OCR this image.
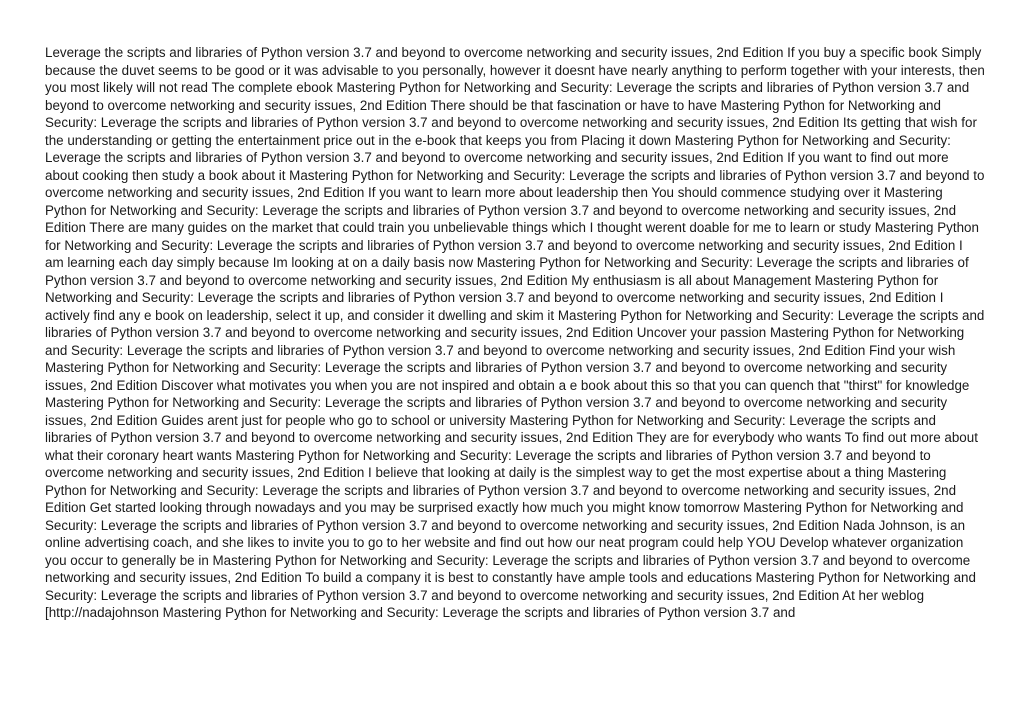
Leverage the scripts and libraries of Python version 3.7 and beyond to overcome networking and security issues, 2nd Edition If you buy a specific book Simply because the duvet seems to be good or it was advisable to you personally, however it doesnt have nearly anything to perform together with your interests, then you most likely will not read The complete ebook Mastering Python for Networking and Security: Leverage the scripts and libraries of Python version 3.7 and beyond to overcome networking and security issues, 2nd Edition There should be that fascination or have to have Mastering Python for Networking and Security: Leverage the scripts and libraries of Python version 3.7 and beyond to overcome networking and security issues, 2nd Edition Its getting that wish for the understanding or getting the entertainment price out in the e-book that keeps you from Placing it down Mastering Python for Networking and Security: Leverage the scripts and libraries of Python version 3.7 and beyond to overcome networking and security issues, 2nd Edition If you want to find out more about cooking then study a book about it Mastering Python for Networking and Security: Leverage the scripts and libraries of Python version 3.7 and beyond to overcome networking and security issues, 2nd Edition If you want to learn more about leadership then You should commence studying over it Mastering Python for Networking and Security: Leverage the scripts and libraries of Python version 3.7 and beyond to overcome networking and security issues, 2nd Edition There are many guides on the market that could train you unbelievable things which I thought werent doable for me to learn or study Mastering Python for Networking and Security: Leverage the scripts and libraries of Python version 3.7 and beyond to overcome networking and security issues, 2nd Edition I am learning each day simply because Im looking at on a daily basis now Mastering Python for Networking and Security: Leverage the scripts and libraries of Python version 3.7 and beyond to overcome networking and security issues, 2nd Edition My enthusiasm is all about Management Mastering Python for Networking and Security: Leverage the scripts and libraries of Python version 3.7 and beyond to overcome networking and security issues, 2nd Edition I actively find any e book on leadership, select it up, and consider it dwelling and skim it Mastering Python for Networking and Security: Leverage the scripts and libraries of Python version 3.7 and beyond to overcome networking and security issues, 2nd Edition Uncover your passion Mastering Python for Networking and Security: Leverage the scripts and libraries of Python version 3.7 and beyond to overcome networking and security issues, 2nd Edition Find your wish Mastering Python for Networking and Security: Leverage the scripts and libraries of Python version 3.7 and beyond to overcome networking and security issues, 2nd Edition Discover what motivates you when you are not inspired and obtain a e book about this so that you can quench that "thirst" for knowledge Mastering Python for Networking and Security: Leverage the scripts and libraries of Python version 3.7 and beyond to overcome networking and security issues, 2nd Edition Guides arent just for people who go to school or university Mastering Python for Networking and Security: Leverage the scripts and libraries of Python version 3.7 and beyond to overcome networking and security issues, 2nd Edition They are for everybody who wants To find out more about what their coronary heart wants Mastering Python for Networking and Security: Leverage the scripts and libraries of Python version 3.7 and beyond to overcome networking and security issues, 2nd Edition I believe that looking at daily is the simplest way to get the most expertise about a thing Mastering Python for Networking and Security: Leverage the scripts and libraries of Python version 3.7 and beyond to overcome networking and security issues, 2nd Edition Get started looking through nowadays and you may be surprised exactly how much you might know tomorrow Mastering Python for Networking and Security: Leverage the scripts and libraries of Python version 3.7 and beyond to overcome networking and security issues, 2nd Edition Nada Johnson, is an online advertising coach, and she likes to invite you to go to her website and find out how our neat program could help YOU Develop whatever organization you occur to generally be in Mastering Python for Networking and Security: Leverage the scripts and libraries of Python version 3.7 and beyond to overcome networking and security issues, 2nd Edition To build a company it is best to constantly have ample tools and educations Mastering Python for Networking and Security: Leverage the scripts and libraries of Python version 3.7 and beyond to overcome networking and security issues, 2nd Edition At her weblog [http://nadajohnson Mastering Python for Networking and Security: Leverage the scripts and libraries of Python version 3.7 and
